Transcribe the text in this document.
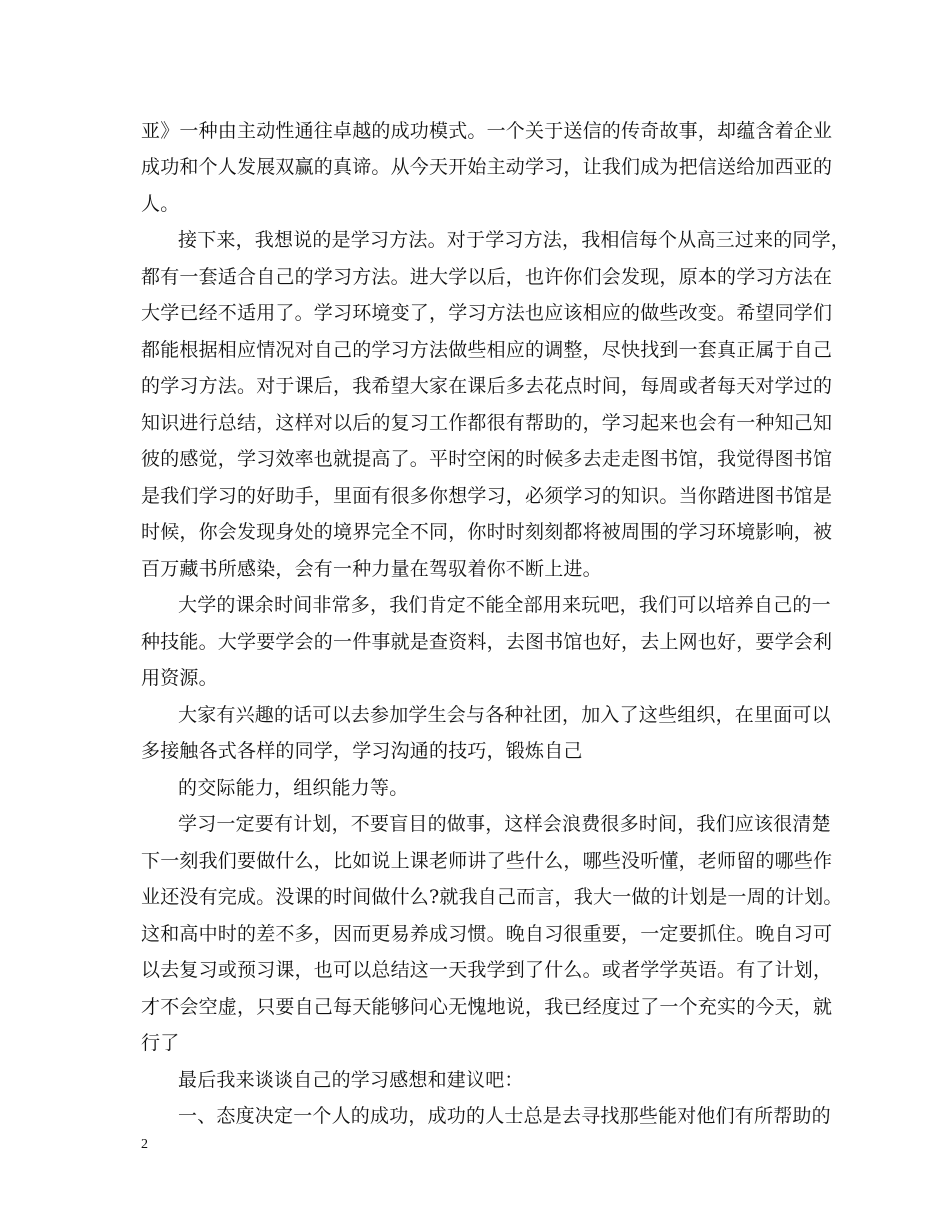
亚》一种由主动性通往卓越的成功模式。一个关于送信的传奇故事，却蕴含着企业
成功和个人发展双赢的真谛。从今天开始主动学习，让我们成为把信送给加西亚的
人。
接下来，我想说的是学习方法。对于学习方法，我相信每个从高三过来的同学，
都有一套适合自己的学习方法。进大学以后，也许你们会发现，原本的学习方法在
大学已经不适用了。学习环境变了，学习方法也应该相应的做些改变。希望同学们
都能根据相应情况对自己的学习方法做些相应的调整，尽快找到一套真正属于自己
的学习方法。对于课后，我希望大家在课后多去花点时间，每周或者每天对学过的
知识进行总结，这样对以后的复习工作都很有帮助的，学习起来也会有一种知己知
彼的感觉，学习效率也就提高了。平时空闲的时候多去走走图书馆，我觉得图书馆
是我们学习的好助手，里面有很多你想学习，必须学习的知识。当你踏进图书馆是
时候，你会发现身处的境界完全不同，你时时刻刻都将被周围的学习环境影响，被
百万藏书所感染，会有一种力量在驾驭着你不断上进。
大学的课余时间非常多，我们肯定不能全部用来玩吧，我们可以培养自己的一
种技能。大学要学会的一件事就是查资料，去图书馆也好，去上网也好，要学会利
用资源。
大家有兴趣的话可以去参加学生会与各种社团，加入了这些组织，在里面可以
多接触各式各样的同学，学习沟通的技巧，锻炼自己
的交际能力，组织能力等。
学习一定要有计划，不要盲目的做事，这样会浪费很多时间，我们应该很清楚
下一刻我们要做什么，比如说上课老师讲了些什么，哪些没听懂，老师留的哪些作
业还没有完成。没课的时间做什么?就我自己而言，我大一做的计划是一周的计划。
这和高中时的差不多，因而更易养成习惯。晚自习很重要，一定要抓住。晚自习可
以去复习或预习课，也可以总结这一天我学到了什么。或者学学英语。有了计划，
才不会空虚，只要自己每天能够问心无愧地说，我已经度过了一个充实的今天，就
行了
最后我来谈谈自己的学习感想和建议吧：
一、态度决定一个人的成功，成功的人士总是去寻找那些能对他们有所帮助的
2
